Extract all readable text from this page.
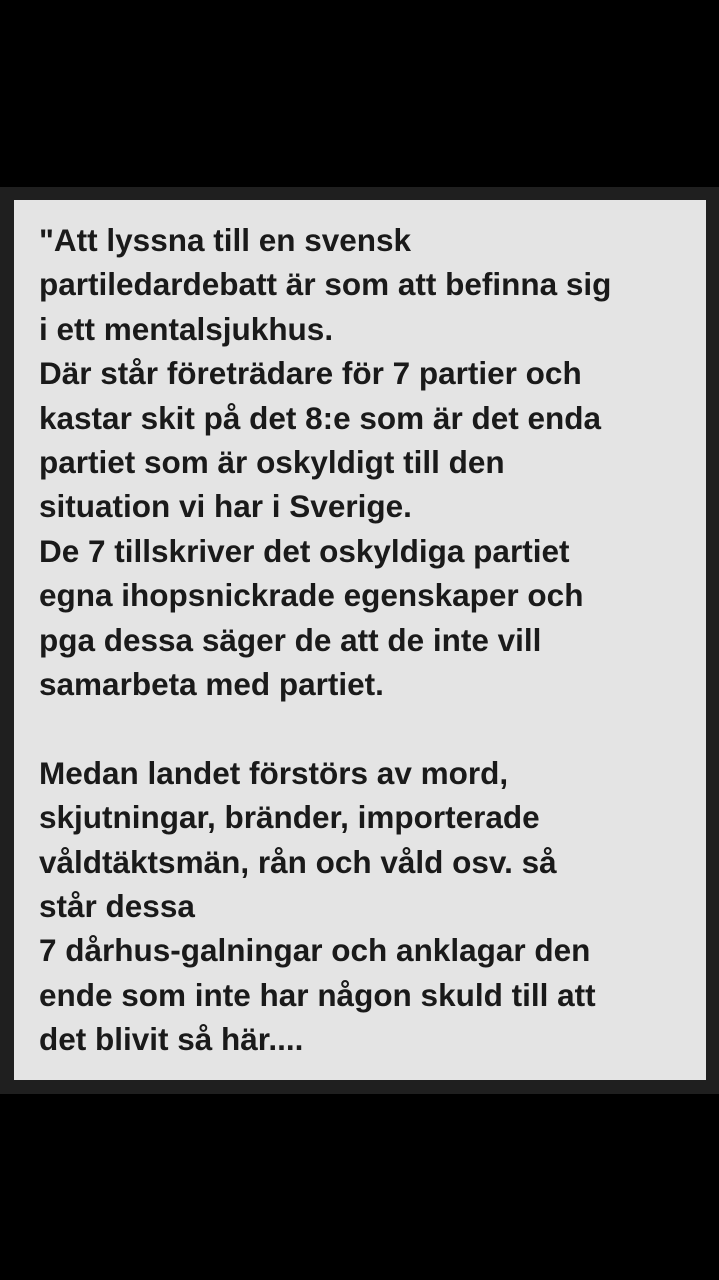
"Att lyssna till en svensk
partiledardebatt är som att befinna sig
i ett mentalsjukhus.
Där står företrädare för 7 partier och
kastar skit på det 8:e som är det enda
partiet som är oskyldigt till den
situation vi har i Sverige.
De 7 tillskriver det oskyldiga partiet
egna ihopsnickrade egenskaper och
pga dessa säger de att de inte vill
samarbeta med partiet.

Medan landet förstörs av mord,
skjutningar, bränder, importerade
våldtäktsmän, rån och våld osv. så
står dessa
7 dårhus-galningar och anklagar den
ende som inte har någon skuld till att
det blivit så här....
